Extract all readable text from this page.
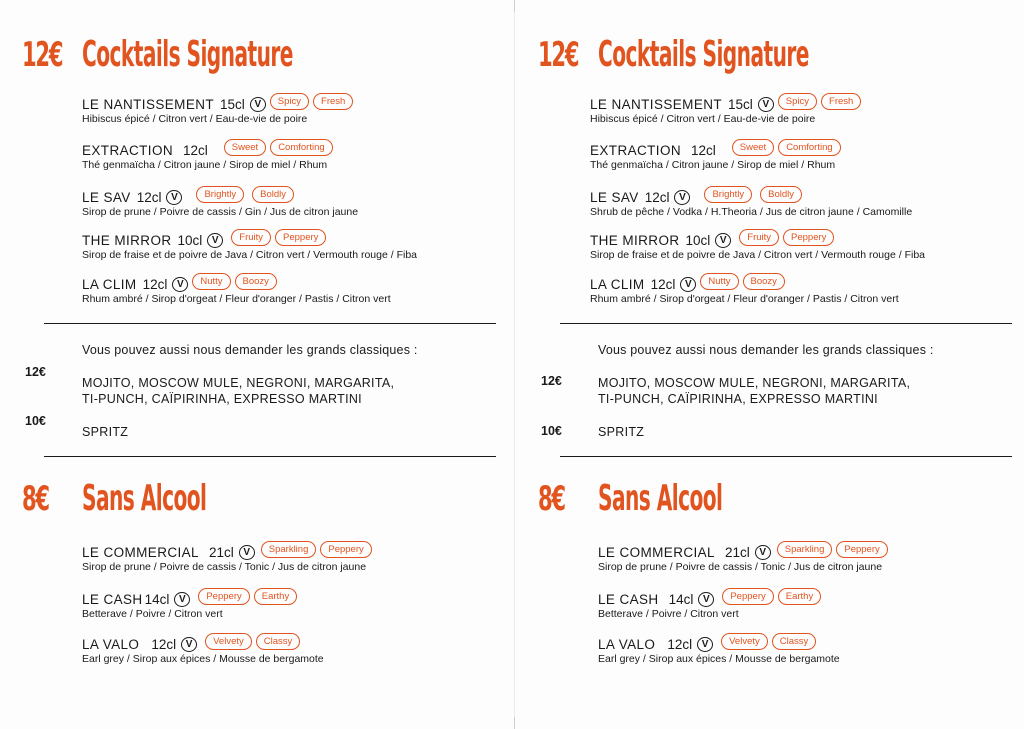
12€ Cocktails Signature
LE NANTISSEMENT 15cl V	Spicy	Fresh
Hibiscus épicé / Citron vert / Eau-de-vie de poire
EXTRACTION 12cl	Sweet	Comforting
Thé genmaïcha / Citron jaune / Sirop de miel / Rhum
LE SAV 12cl V	Brightly	Boldly
Sirop de prune / Poivre de cassis / Gin / Jus de citron jaune
THE MIRROR 10cl V	Fruity	Peppery
Sirop de fraise et de poivre de Java / Citron vert / Vermouth rouge / Fiba
LA CLIM 12cl V	Nutty	Boozy
Rhum ambré / Sirop d'orgeat / Fleur d'oranger / Pastis / Citron vert
Vous pouvez aussi nous demander les grands classiques :
12€
MOJITO, MOSCOW MULE, NEGRONI, MARGARITA,
TI-PUNCH, CAÏPIRINHA, EXPRESSO MARTINI
10€
SPRITZ
8€ Sans Alcool
LE COMMERCIAL 21cl V	Sparkling	Peppery
Sirop de prune / Poivre de cassis / Tonic / Jus de citron jaune
LE CASH 14cl V	Peppery	Earthy
Betterave / Poivre / Citron vert
LA VALO 12cl V	Velvety	Classy
Earl grey / Sirop aux épices / Mousse de bergamote
12€ Cocktails Signature
LE NANTISSEMENT 15cl V	Spicy	Fresh
Hibiscus épicé / Citron vert / Eau-de-vie de poire
EXTRACTION 12cl	Sweet	Comforting
Thé genmaïcha / Citron jaune / Sirop de miel / Rhum
LE SAV 12cl V	Brightly	Boldly
Shrub de pêche / Vodka / H.Theoria / Jus de citron jaune / Camomille
THE MIRROR 10cl V	Fruity	Peppery
Sirop de fraise et de poivre de Java / Citron vert / Vermouth rouge / Fiba
LA CLIM 12cl V	Nutty	Boozy
Rhum ambré / Sirop d'orgeat / Fleur d'oranger / Pastis / Citron vert
Vous pouvez aussi nous demander les grands classiques :
12€	MOJITO, MOSCOW MULE, NEGRONI, MARGARITA,
TI-PUNCH, CAÏPIRINHA, EXPRESSO MARTINI
10€	SPRITZ
8€ Sans Alcool
LE COMMERCIAL 21cl V	Sparkling	Peppery
Sirop de prune / Poivre de cassis / Tonic / Jus de citron jaune
LE CASH 14cl V	Peppery	Earthy
Betterave / Poivre / Citron vert
LA VALO 12cl V	Velvety	Classy
Earl grey / Sirop aux épices / Mousse de bergamote
